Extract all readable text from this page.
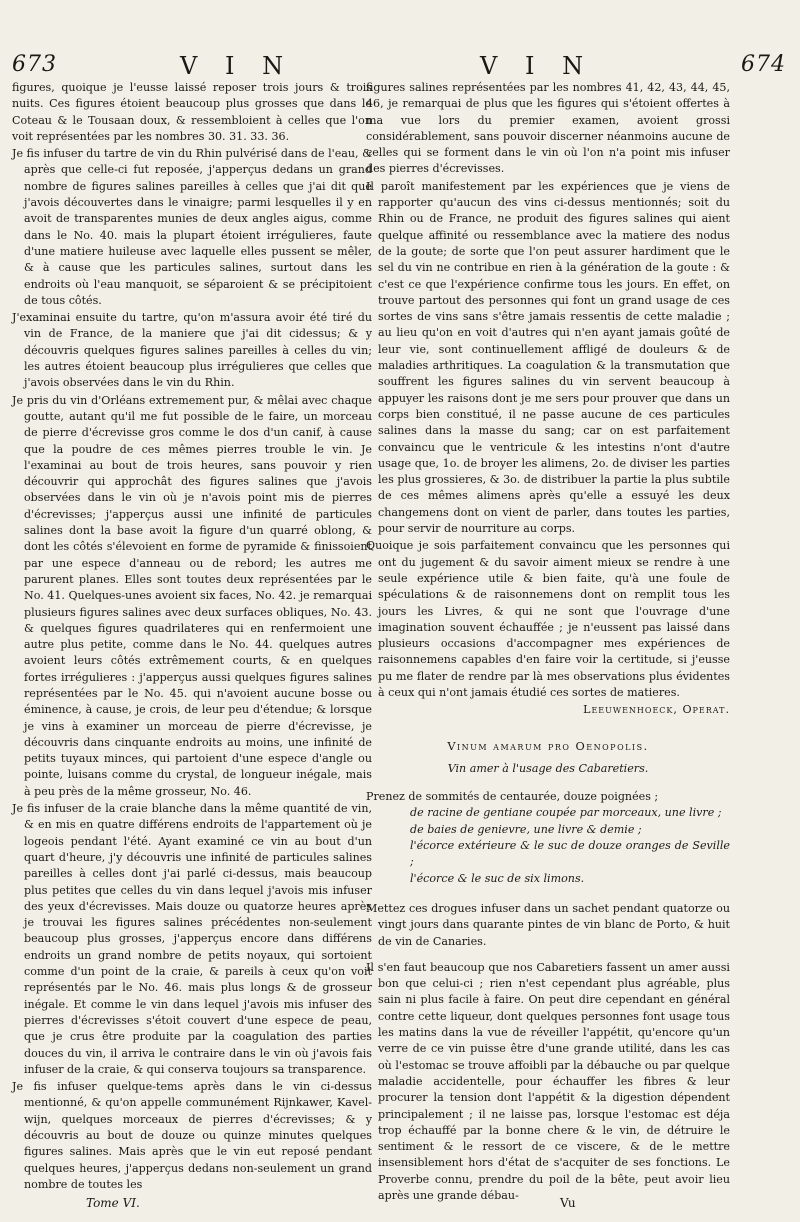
673	V I N	V I N	674

figures, quoique je l'eusse laissé reposer trois jours & trois nuits. Ces figures étoient beaucoup plus grosses que dans le Coteau & le Tousaan doux, & ressembloient à celles que l'on voit représentées par les nombres 30. 31. 33. 36.

Je fis infuser du tartre de vin du Rhin pulvérisé dans de l'eau, & après que celle-ci fut reposée, j'apperçus dedans un grand nombre de figures salines pareilles à celles que j'ai dit que j'avois découvertes dans le vinaigre; parmi lesquelles il y en avoit de transparentes munies de deux angles aigus, comme dans le No. 40. mais la plupart étoient irrégulieres, faute d'une matiere huileuse avec laquelle elles pussent se mêler, & à cause que les particules salines, surtout dans les endroits où l'eau manquoit, se séparoient & se précipitoient de tous côtés.

J'examinai ensuite du tartre, qu'on m'assura avoir été tiré du vin de France, de la maniere que j'ai dit cidessus; & y découvris quelques figures salines pareilles à celles du vin; les autres étoient beaucoup plus irrégulieres que celles que j'avois observées dans le vin du Rhin.

Je pris du vin d'Orléans extremement pur, & mêlai avec chaque goutte, autant qu'il me fut possible de le faire, un morceau de pierre d'écrevisse gros comme le dos d'un canif, à cause que la poudre de ces mêmes pierres trouble le vin. Je l'examinai au bout de trois heures, sans pouvoir y rien découvrir qui approchât des figures salines que j'avois observées dans le vin où je n'avois point mis de pierres d'écrevisses; j'apperçus aussi une infinité de particules salines dont la base avoit la figure d'un quarré oblong, & dont les côtés s'élevoient en forme de pyramide & finissoient par une espece d'anneau ou de rebord; les autres me parurent planes. Elles sont toutes deux représentées par le No. 41. Quelques-unes avoient six faces, No. 42. je remarquai plusieurs figures salines avec deux surfaces obliques, No. 43. & quelques figures quadrilateres qui en renfermoient une autre plus petite, comme dans le No. 44. quelques autres avoient leurs côtés extrêmement courts, & en quelques fortes irrégulieres : j'apperçus aussi quelques figures salines représentées par le No. 45. qui n'avoient aucune bosse ou éminence, à cause, je crois, de leur peu d'étendue; & lorsque je vins à examiner un morceau de pierre d'écrevisse, je découvris dans cinquante endroits au moins, une infinité de petits tuyaux minces, qui partoient d'une espece d'angle ou pointe, luisans comme du crystal, de longueur inégale, mais à peu près de la même grosseur, No. 46.

Je fis infuser de la craie blanche dans la même quantité de vin, & en mis en quatre différens endroits de l'appartement où je logeois pendant l'été. Ayant examiné ce vin au bout d'un quart d'heure, j'y découvris une infinité de particules salines pareilles à celles dont j'ai parlé ci-dessus, mais beaucoup plus petites que celles du vin dans lequel j'avois mis infuser des yeux d'écrevisses. Mais douze ou quatorze heures après je trouvai les figures salines précédentes non-seulement beaucoup plus grosses, j'apperçus encore dans différens endroits un grand nombre de petits noyaux, qui sortoient comme d'un point de la craie, & pareils à ceux qu'on voit représentés par le No. 46. mais plus longs & de grosseur inégale. Et comme le vin dans lequel j'avois mis infuser des pierres d'écrevisses s'étoit couvert d'une espece de peau, que je crus être produite par la coagulation des parties douces du vin, il arriva le contraire dans le vin où j'avois fais infuser de la craie, & qui conserva toujours sa transparence.

Je fis infuser quelque-tems après dans le vin ci-dessus mentionné, & qu'on appelle communément Rijnkawer, Kavel-wijn, quelques morceaux de pierres d'écrevisses; & y découvris au bout de douze ou quinze minutes quelques figures salines. Mais après que le vin eut reposé pendant quelques heures, j'apperçus dedans non-seulement un grand nombre de toutes les

figures salines représentées par les nombres 41, 42, 43, 44, 45, 46, je remarquai de plus que les figures qui s'étoient offertes à ma vue lors du premier examen, avoient grossi considérablement, sans pouvoir discerner néanmoins aucune de celles qui se forment dans le vin où l'on n'a point mis infuser des pierres d'écrevisses.

Il paroît manifestement par les expériences que je viens de rapporter qu'aucun des vins ci-dessus mentionnés; soit du Rhin ou de France, ne produit des figures salines qui aient quelque affinité ou ressemblance avec la matiere des nodus de la goute; de sorte que l'on peut assurer hardiment que le sel du vin ne contribue en rien à la génération de la goute : & c'est ce que l'expérience confirme tous les jours. En effet, on trouve partout des personnes qui font un grand usage de ces sortes de vins sans s'être jamais ressentis de cette maladie ; au lieu qu'on en voit d'autres qui n'en ayant jamais goûté de leur vie, sont continuellement affligé de douleurs & de maladies arthritiques. La coagulation & la transmutation que souffrent les figures salines du vin servent beaucoup à appuyer les raisons dont je me sers pour prouver que dans un corps bien constitué, il ne passe aucune de ces particules salines dans la masse du sang; car on est parfaitement convaincu que le ventricule & les intestins n'ont d'autre usage que, 1o. de broyer les alimens, 2o. de diviser les parties les plus grossieres, & 3o. de distribuer la partie la plus subtile de ces mêmes alimens après qu'elle a essuyé les deux changemens dont on vient de parler, dans toutes les parties, pour servir de nourriture au corps.

Quoique je sois parfaitement convaincu que les personnes qui ont du jugement & du savoir aiment mieux se rendre à une seule expérience utile & bien faite, qu'à une foule de spéculations & de raisonnemens dont on remplit tous les jours les Livres, & qui ne sont que l'ouvrage d'une imagination souvent échauffée ; je n'eussent pas laissé dans plusieurs occasions d'accompagner mes expériences de raisonnemens capables d'en faire voir la certitude, si j'eusse pu me flater de rendre par là mes observations plus évidentes à ceux qui n'ont jamais étudié ces sortes de matieres.

Leeuwenhoeck, Operat.

Vinum amarum pro Oenopolis.
Vin amer à l'usage des Cabaretiers.
Prenez de sommités de centaurée, douze poignées ;
de racine de gentiane coupée par morceaux, une livre ;
de baies de genievre, une livre & demie ;
l'écorce extérieure & le suc de douze oranges de Seville ;
l'écorce & le suc de six limons.

Mettez ces drogues infuser dans un sachet pendant quatorze ou vingt jours dans quarante pintes de vin blanc de Porto, & huit de vin de Canaries.

Il s'en faut beaucoup que nos Cabaretiers fassent un amer aussi bon que celui-ci ; rien n'est cependant plus agréable, plus sain ni plus facile à faire. On peut dire cependant en général contre cette liqueur, dont quelques personnes font usage tous les matins dans la vue de réveiller l'appétit, qu'encore qu'un verre de ce vin puisse être d'une grande utilité, dans les cas où l'estomac se trouve affoibli par la débauche ou par quelque maladie accidentelle, pour échauffer les fibres & leur procurer la tension dont l'appétit & la digestion dépendent principalement ; il ne laisse pas, lorsque l'estomac est déja trop échauffé par la bonne chere & le vin, de détruire le sentiment & le ressort de ce viscere, & de le mettre insensiblement hors d'état de s'acquiter de ses fonctions. Le Proverbe connu, prendre du poil de la bête, peut avoir lieu après une grande débau-

Tome VI.	Vu
